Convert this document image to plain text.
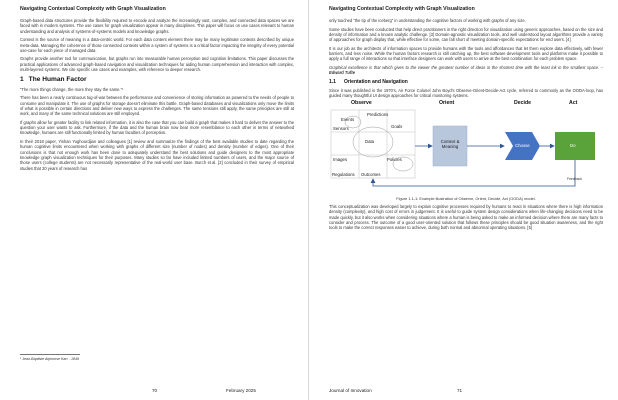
Navigating Contextual Complexity with Graph Visualization

Graph-based data structures provide the flexibility required to encode and analyze the increasingly vast, complex, and connected data spaces we are faced with in modern systems. The use cases for graph visualization appear in many disciplines. This paper will focus on use cases relevant to human understanding and analysis of systems-of-systems models and knowledge graphs.

Context is the source of meaning in a data-centric world. For each data content element there may be many legitimate contexts described by unique meta-data. Managing the coherence of those connected contexts within a system of systems is a critical factor impacting the integrity of every potential use-case for each piece of managed data.

Graphs provide another tool for communication, but graphs run into measurable human perception and cognition limitations. This paper discusses the practical applications of advanced graph-based navigation and visualization techniques for aiding human comprehension and interaction with complex, multi-layered systems. We cite specific use cases and examples, with reference to deeper research.

1 The Human Factor

“The more things change, the more they stay the same.”¹

There has been a nearly continuous tug-of-war between the performance and convenience of storing information as powered to the needs of people to consume and manipulate it. The use of graphs for storage doesn’t eliminate this battle. Graph-based databases and visualizations only move the limits of what is possible in certain directions and deliver new ways to express the challenges. The same tensions still apply, the same principles are still at work, and many of the same technical solutions are still employed.

If graphs allow for greater facility to link related information, it is also the case that you can build a graph that makes it hard to deliver the answer to the question your user wants to ask. Furthermore, if the data and the human brain now bear more resemblance to each other in terms of networked knowledge, humans are still functionally limited by human faculties of perception.

In their 2018 paper, Yishan Yoghourdjian and colleagues [1] review and summarize the findings of the best available studies to date regarding the human cognitive limits encountered when working with graphs of different size (number of nodes) and density (number of edges). One of their conclusions is that not enough work has been done to adequately understand the best solutions and guide designers to the most appropriate knowledge graph visualization techniques for their purposes. Many studies so far have included limited numbers of users, and the major source of those users (college students) are not necessarily representative of the real-world user base. Burch et.al. [2] concluded in their survey of empirical studies that 20 years of research has

¹ Jean-Baptiste Alphonse Karr - 1849
70	February 2025
Navigating Contextual Complexity with Graph Visualization

only touched “the tip of the iceberg” in understanding the cognitive factors of working with graphs of any size.

Some studies have been conducted that help direct practitioners in the right direction for visualization using generic approaches, based on the size and density of information and a known analytic challenge. [3] Domain-agnostic visualization tools, and well understood layout algorithms provide a variety of approaches for graph display that, while effective for some, can fall short of meeting domain-specific expectations for end users. [4]

It is our job as the architects of information spaces to provide humans with the tools and affordances that let them explore data effectively, with fewer barriers, and less noise. While the human factors research is still catching up, the best software development tools and platforms make it possible to apply a full range of interactions so that interface designers can work with users to arrive at the best combination for each problem space.

Graphical excellence is that which gives to the viewer the greatest number of ideas in the shortest time with the least ink in the smallest space. – Edward Tufte

1.1 Orientation and Navigation

Since it was published in the 1970’s, Air Force Colonel John Boyd’s Observe-Orient-Decide-Act cycle, referred to commonly as the OODA-loop, has guided many thoughtful UI design approaches for critical monitoring systems.

Observe	Orient	Decide	Act
Events
Predictions
Sensors	Goals
Data
Images	Policies
Regulations Outcomes
Context & Meaning	Choose	Do
Feedback
Figure 1.1-1: Example illustration of Observe, Orient, Decide, Act (OODA) model.

This conceptualization was developed largely to explain cognitive processes required by humans to react in situations where there is high information density (complexity), and high cost of errors in judgement. It is useful to guide system design considerations when life-changing decisions need to be made quickly, but it also works when considering situations where a human is being asked to make an informed decision where there are many facts to consider and process. The outcome of a good user-oriented solution that follows these principles should be good situation awareness, and the right tools to make the correct responses easier to achieve, during both normal and abnormal operating situations. [5]

Journal of Innovation	71
